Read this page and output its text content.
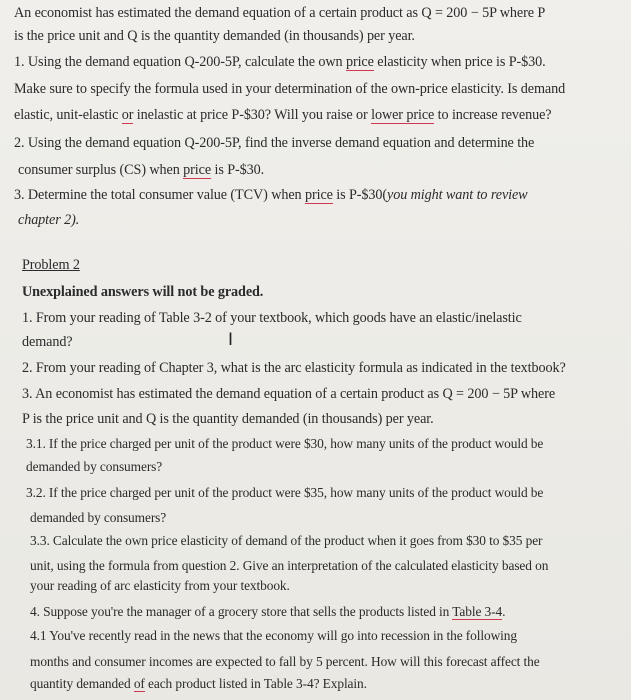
An economist has estimated the demand equation of a certain product as Q = 200 − 5P where P
is the price unit and Q is the quantity demanded (in thousands) per year.
1. Using the demand equation Q-200-5P, calculate the own price elasticity when price is P-$30.
Make sure to specify the formula used in your determination of the own-price elasticity. Is demand
elastic, unit-elastic or inelastic at price P-$30? Will you raise or lower price to increase revenue?
2. Using the demand equation Q-200-5P, find the inverse demand equation and determine the
consumer surplus (CS) when price is P-$30.
3. Determine the total consumer value (TCV) when price is P-$30(you might want to review
chapter 2).
Problem 2
Unexplained answers will not be graded.
1. From your reading of Table 3-2 of your textbook, which goods have an elastic/inelastic
demand?	I
2. From your reading of Chapter 3, what is the arc elasticity formula as indicated in the textbook?
3. An economist has estimated the demand equation of a certain product as Q = 200 − 5P where
P is the price unit and Q is the quantity demanded (in thousands) per year.
3.1. If the price charged per unit of the product were $30, how many units of the product would be
demanded by consumers?
3.2. If the price charged per unit of the product were $35, how many units of the product would be
demanded by consumers?
3.3. Calculate the own price elasticity of demand of the product when it goes from $30 to $35 per
unit, using the formula from question 2. Give an interpretation of the calculated elasticity based on
your reading of arc elasticity from your textbook.
4. Suppose you're the manager of a grocery store that sells the products listed in Table 3-4.
4.1 You've recently read in the news that the economy will go into recession in the following
months and consumer incomes are expected to fall by 5 percent. How will this forecast affect the
quantity demanded of each product listed in Table 3-4? Explain.
